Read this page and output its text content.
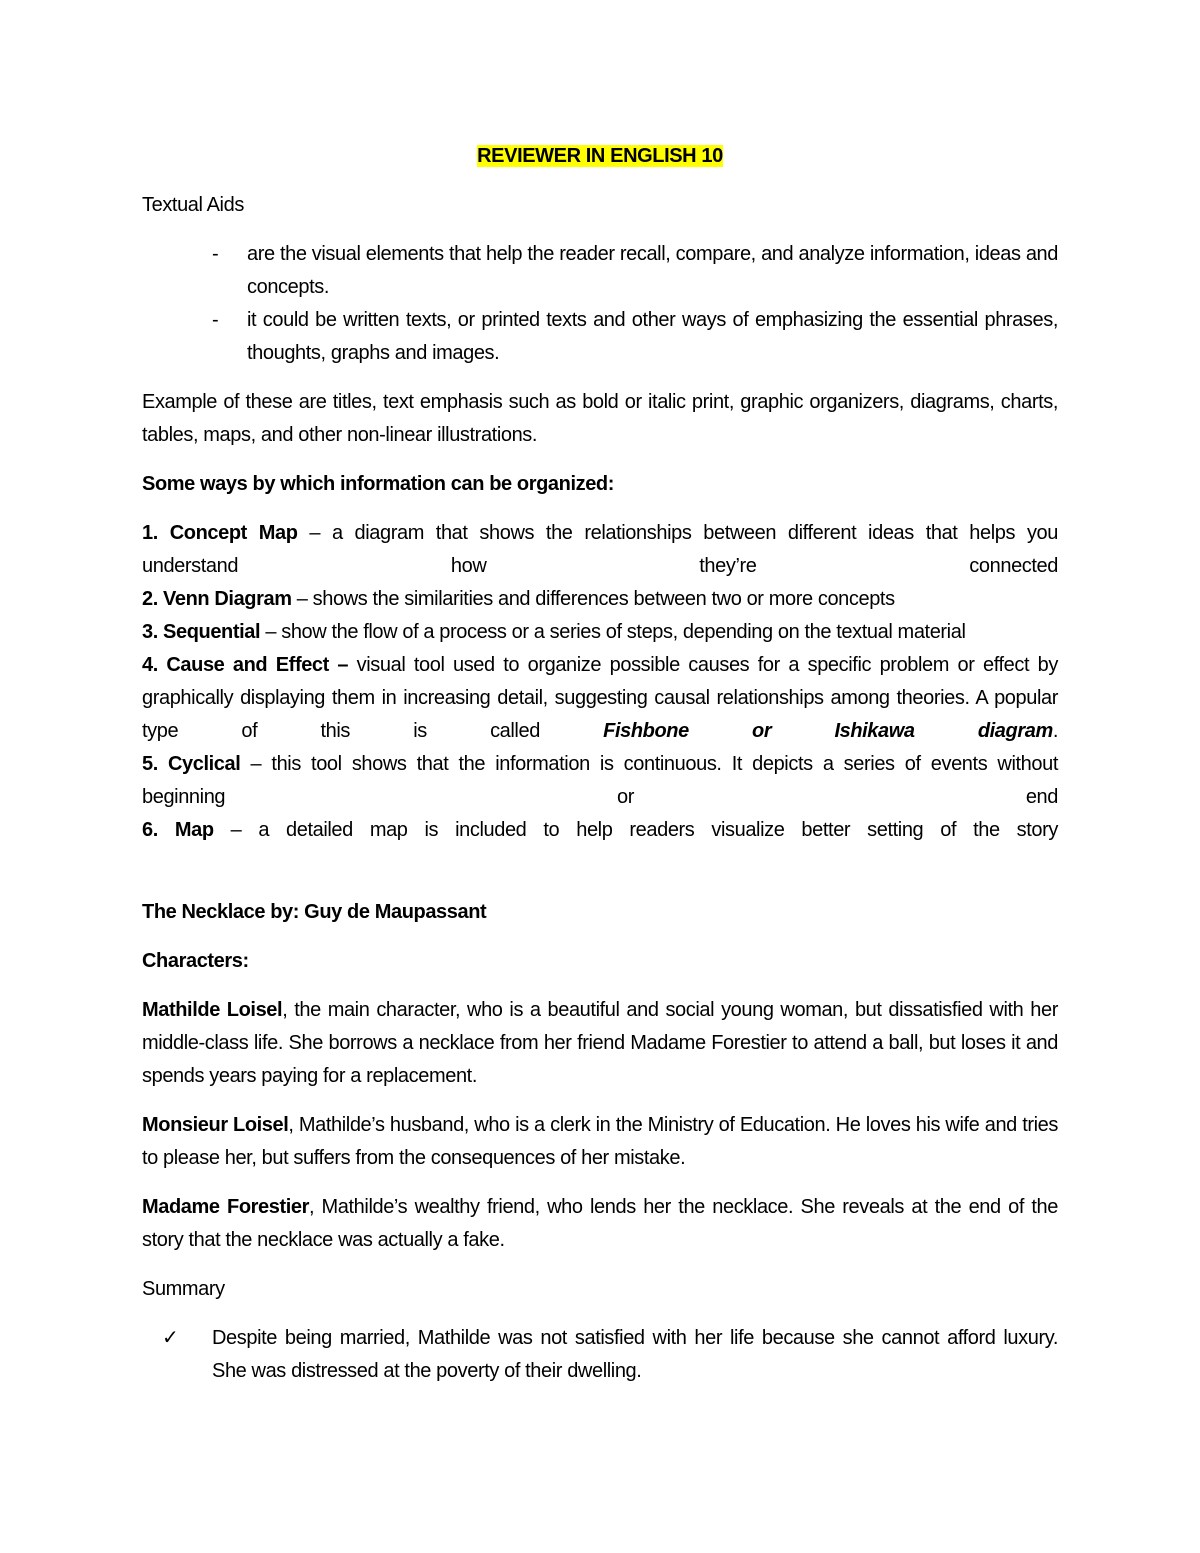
REVIEWER IN ENGLISH 10

Textual Aids

- are the visual elements that help the reader recall, compare, and analyze information, ideas and concepts.
- it could be written texts, or printed texts and other ways of emphasizing the essential phrases, thoughts, graphs and images.

Example of these are titles, text emphasis such as bold or italic print, graphic organizers, diagrams, charts, tables, maps, and other non-linear illustrations.

Some ways by which information can be organized:

1. Concept Map – a diagram that shows the relationships between different ideas that helps you understand how they’re connected

2. Venn Diagram – shows the similarities and differences between two or more concepts

3. Sequential – show the flow of a process or a series of steps, depending on the textual material

4. Cause and Effect – visual tool used to organize possible causes for a specific problem or effect by graphically displaying them in increasing detail, suggesting causal relationships among theories. A popular type of this is called Fishbone or Ishikawa diagram.

5. Cyclical – this tool shows that the information is continuous. It depicts a series of events without beginning or end

6. Map – a detailed map is included to help readers visualize better setting of the story

The Necklace by: Guy de Maupassant

Characters:

Mathilde Loisel, the main character, who is a beautiful and social young woman, but dissatisfied with her middle-class life. She borrows a necklace from her friend Madame Forestier to attend a ball, but loses it and spends years paying for a replacement.

Monsieur Loisel, Mathilde’s husband, who is a clerk in the Ministry of Education. He loves his wife and tries to please her, but suffers from the consequences of her mistake.

Madame Forestier, Mathilde’s wealthy friend, who lends her the necklace. She reveals at the end of the story that the necklace was actually a fake.

Summary

✓ Despite being married, Mathilde was not satisfied with her life because she cannot afford luxury. She was distressed at the poverty of their dwelling.
